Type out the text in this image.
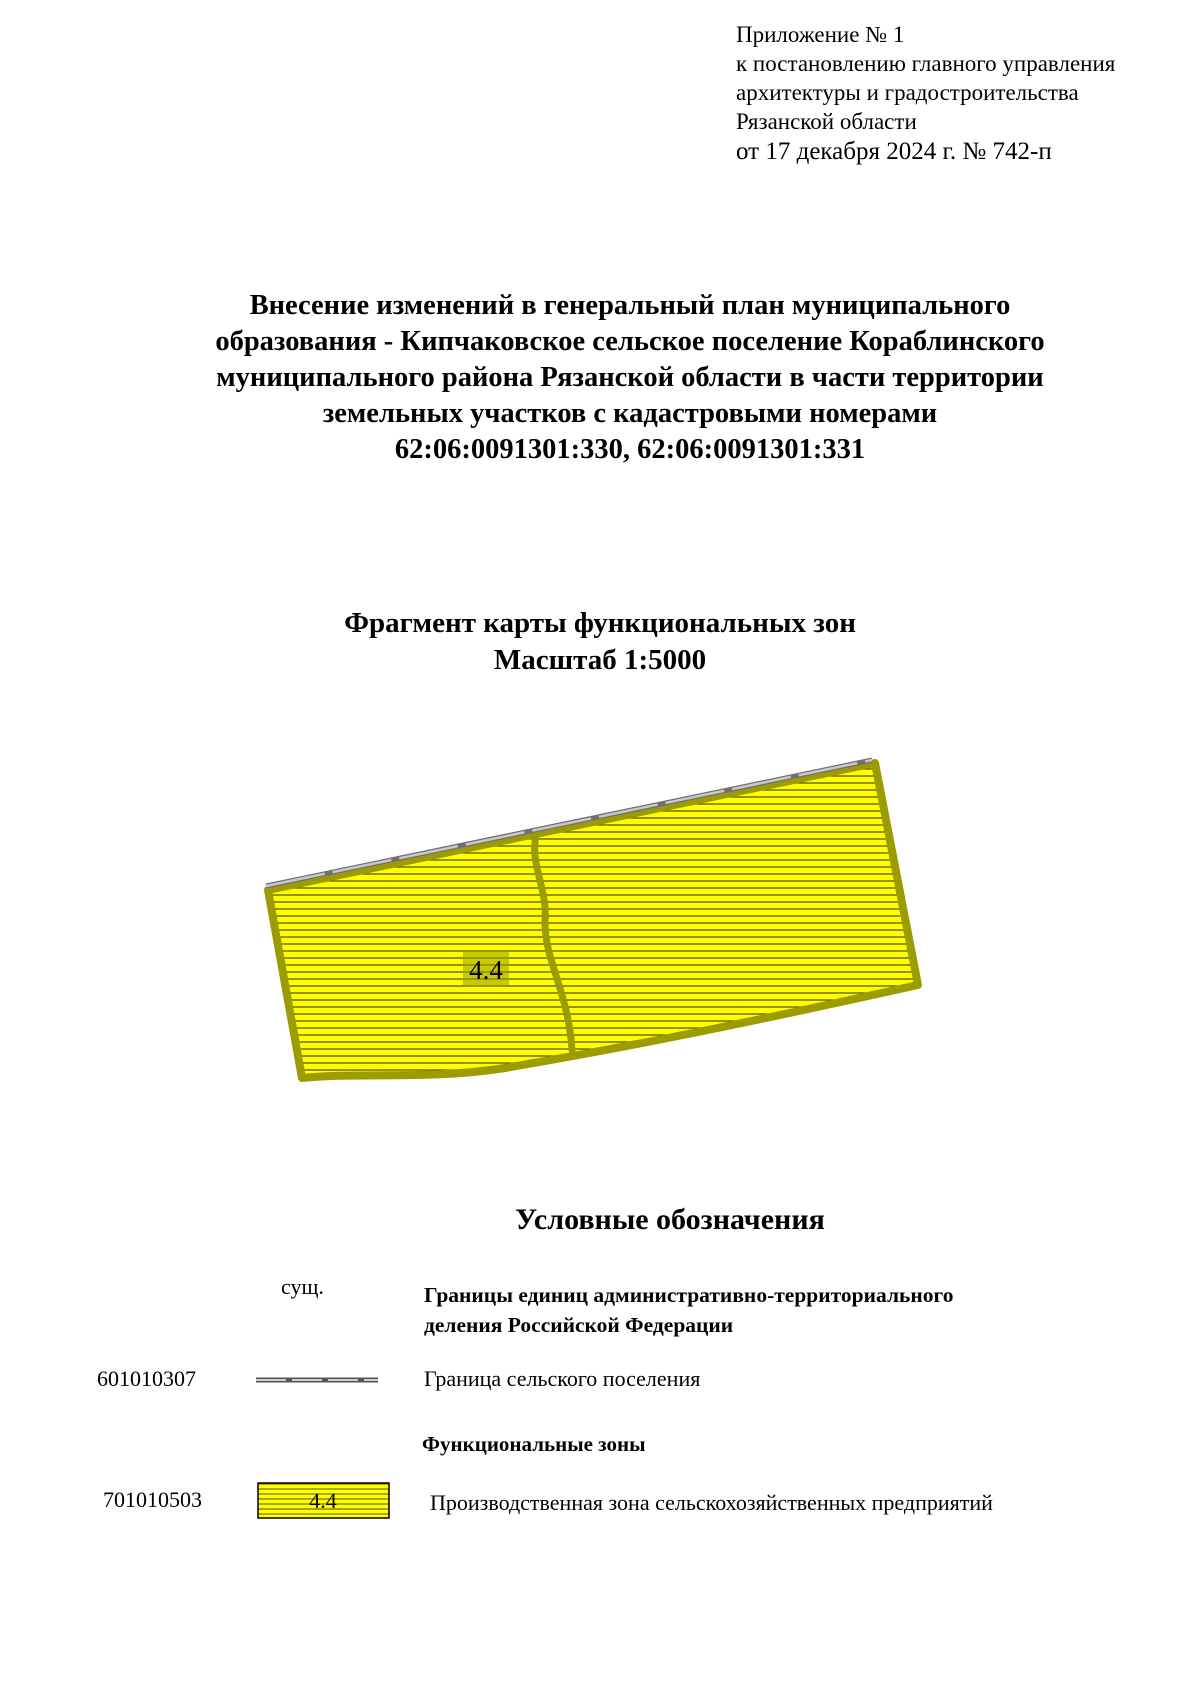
Приложение № 1
к постановлению главного управления
архитектуры и градостроительства
Рязанской области
от 17 декабря 2024 г. № 742-п
Внесение изменений в генеральный план муниципального
образования - Кипчаковское сельское поселение Кораблинского
муниципального района Рязанской области в части территории
земельных участков с кадастровыми номерами
62:06:0091301:330, 62:06:0091301:331
Фрагмент карты функциональных зон
Масштаб 1:5000
4.4
4.4
Условные обозначения
сущ.	Границы единиц административно-территориального
деления Российской Федерации
601010307	Граница сельского поселения
Функциональные зоны
701010503	Производственная зона сельскохозяйственных предприятий
